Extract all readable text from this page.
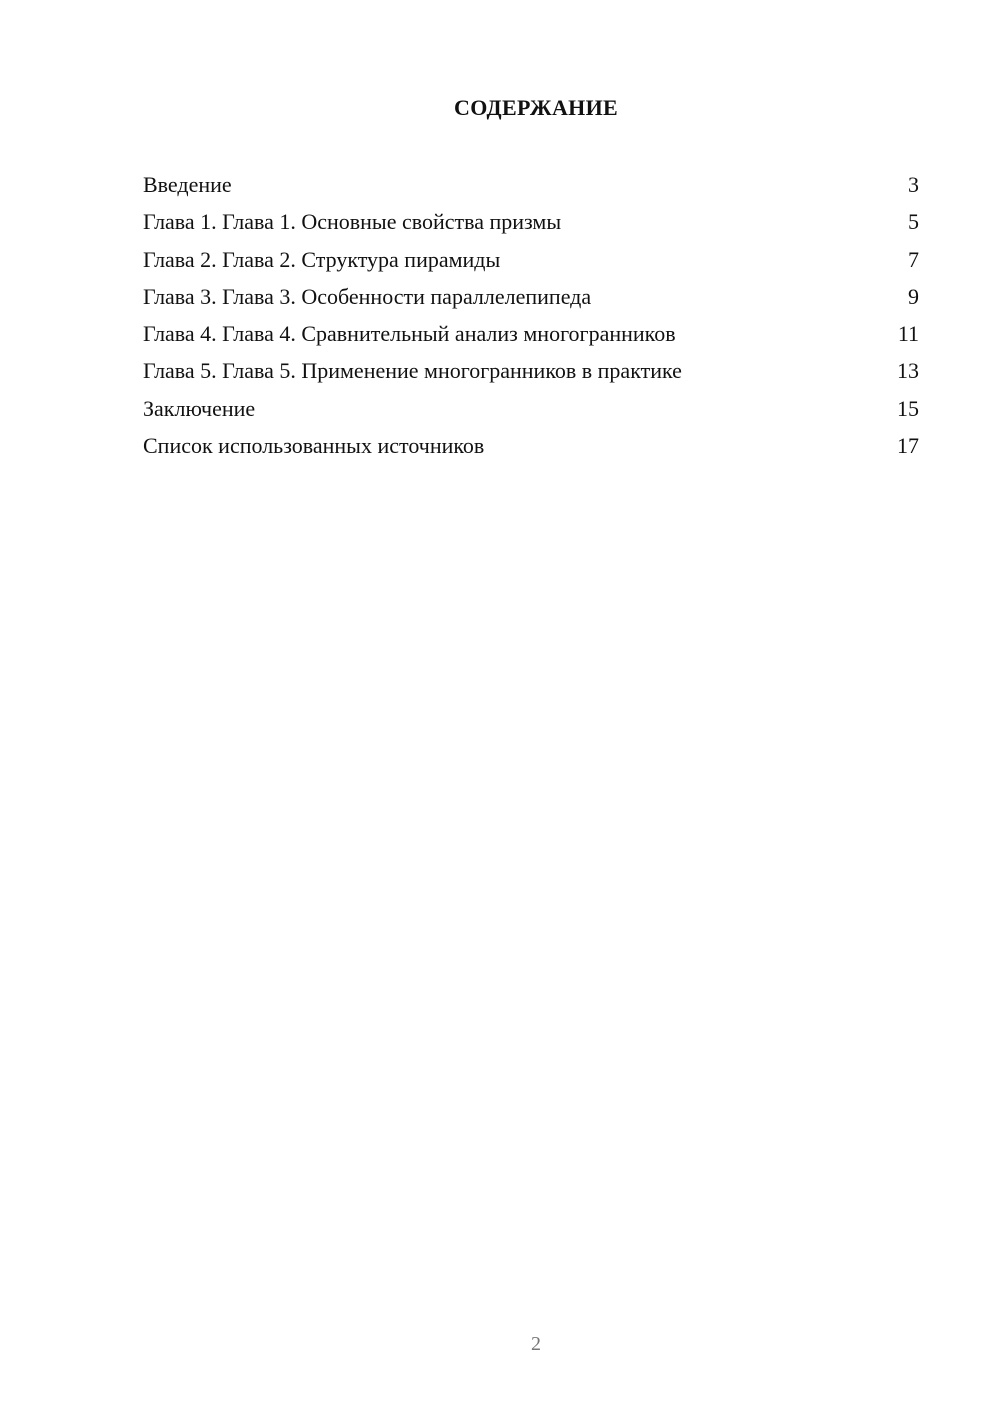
СОДЕРЖАНИЕ
Введение	3
Глава 1. Глава 1. Основные свойства призмы	5
Глава 2. Глава 2. Структура пирамиды	7
Глава 3. Глава 3. Особенности параллелепипеда	9
Глава 4. Глава 4. Сравнительный анализ многогранников	11
Глава 5. Глава 5. Применение многогранников в практике	13
Заключение	15
Список использованных источников	17
2
